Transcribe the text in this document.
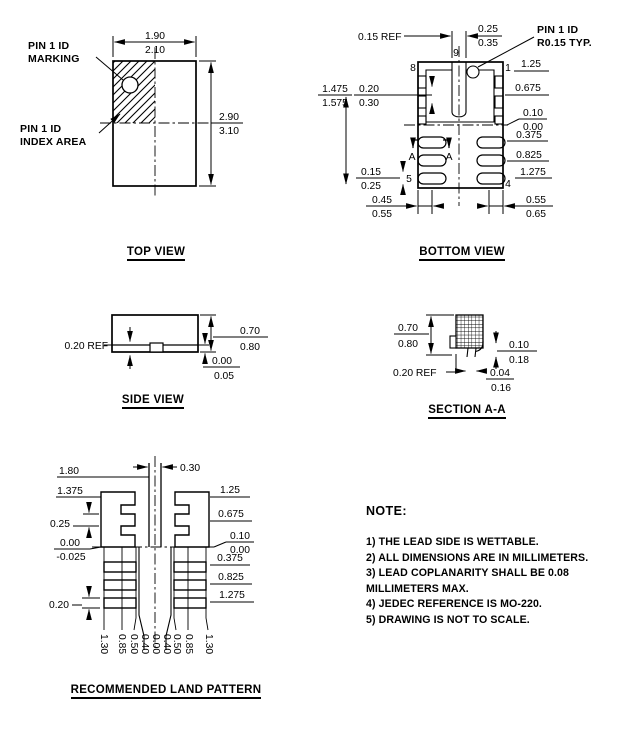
1.90
2.10
2.90
3.10
0.15 REF
0.25
0.35
9
8	1
5	4
1.475
1.575
0.20
0.30
1.25
0.675
0.10
0.00
0.375
0.825
1.275
0.15
0.25
0.45
0.55
0.55
0.65
A	A
0.20 REF
0.70
0.80
0.00
0.05
0.70
0.80	0.10
0.18
0.20 REF	0.04
0.16
1.80	0.30
1.375
0.25
0.00
-0.025
0.20
1.25
0.675
0.10
0.00
0.375
0.825
1.275
1.30 0.85 0.50 0.40 0.00 0.40 0.50 0.85 1.30
PIN 1 ID
MARKING
PIN 1 ID
INDEX AREA
PIN 1 ID
R0.15 TYP.
TOP VIEW	BOTTOM VIEW
SIDE VIEW
SECTION A-A
RECOMMENDED LAND PATTERN
NOTE:
1) THE LEAD SIDE IS WETTABLE.
2) ALL DIMENSIONS ARE IN MILLIMETERS.
3) LEAD COPLANARITY SHALL BE 0.08
MILLIMETERS MAX.
4) JEDEC REFERENCE IS MO-220.
5) DRAWING IS NOT TO SCALE.
